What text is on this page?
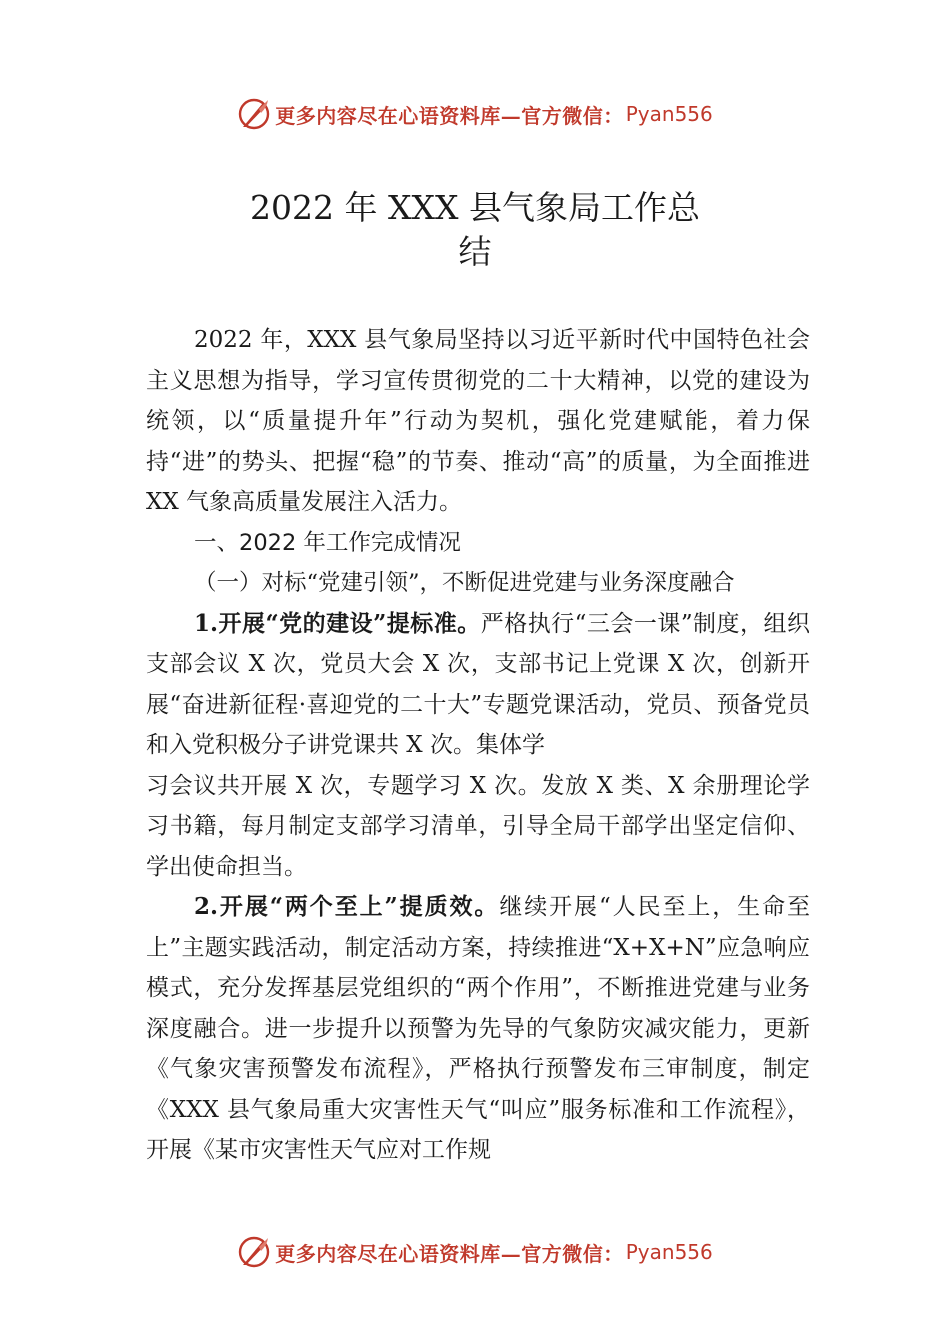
更多内容尽在心语资料库—官方微信： Pyan556
2022 年 XXX 县气象局工作总
结

2022 年，XXX 县气象局坚持以习近平新时代中国特色社会主义思想为指导，学习宣传贯彻党的二十大精神，以党的建设为统领，以“质量提升年”行动为契机，强化党建赋能，着力保持“进”的势头、把握“稳”的节奏、推动“高”的质量，为全面推进 XX 气象高质量发展注入活力。

一、2022 年工作完成情况

（一）对标“党建引领”，不断促进党建与业务深度融合

1.开展“党的建设”提标准。严格执行“三会一课”制度，组织支部会议 X 次，党员大会 X 次，支部书记上党课 X 次，创新开展“奋进新征程·喜迎党的二十大”专题党课活动，党员、预备党员和入党积极分子讲党课共 X 次。集体学

习会议共开展 X 次，专题学习 X 次。发放 X 类、X 余册理论学习书籍，每月制定支部学习清单，引导全局干部学出坚定信仰、学出使命担当。

2.开展“两个至上”提质效。继续开展“人民至上，生命至上”主题实践活动，制定活动方案，持续推进“X+X+N”应急响应模式，充分发挥基层党组织的“两个作用”，不断推进党建与业务深度融合。进一步提升以预警为先导的气象防灾减灾能力，更新《气象灾害预警发布流程》，严格执行预警发布三审制度，制定《XXX 县气象局重大灾害性天气“叫应”服务标准和工作流程》，开展《某市灾害性天气应对工作规

更多内容尽在心语资料库—官方微信： Pyan556
